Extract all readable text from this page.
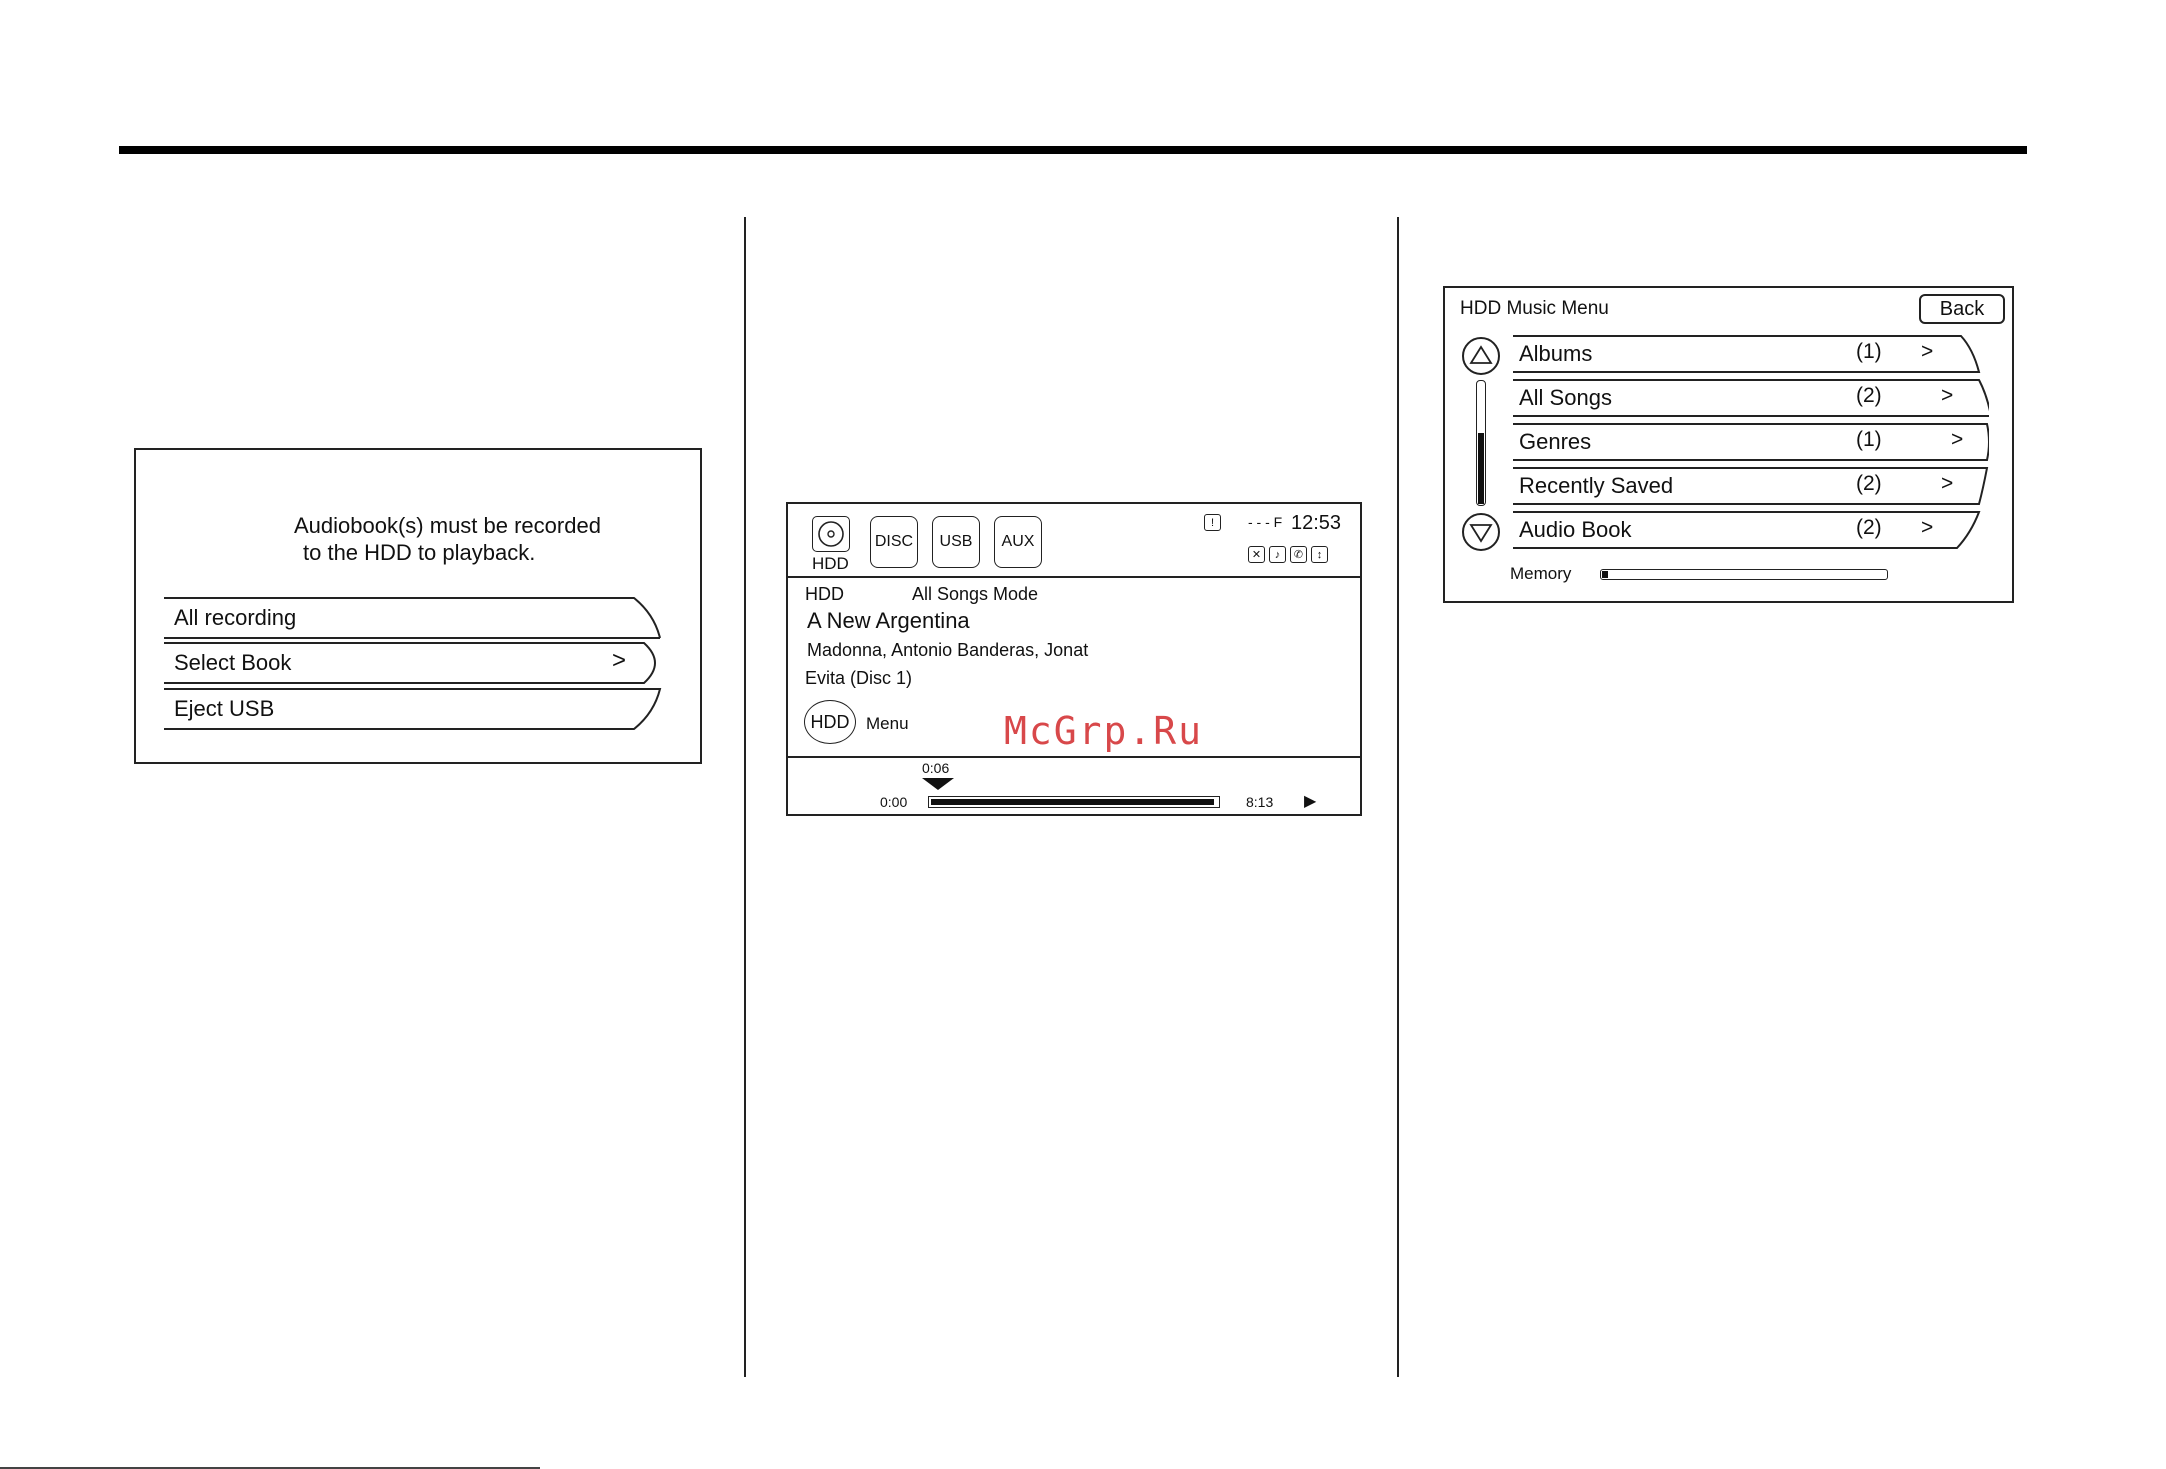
Audiobook(s) must be recorded
to the HDD to playback.
All recording
Select Book	>
Eject USB
HDD
DISC	USB	AUX
!	- - - F 12:53
✕	♪	✆	↕
HDD	All Songs Mode
A New Argentina
Madonna, Antonio Banderas, Jonat
Evita (Disc 1)
HDD Menu
0:06
0:00	8:13 ▶
HDD Music Menu	Back
Albums	(1) >
All Songs	(2)	>
Genres	(1)	>
Recently Saved	(2)	>
Audio Book	(2) >
Memory
McGrp.Ru
